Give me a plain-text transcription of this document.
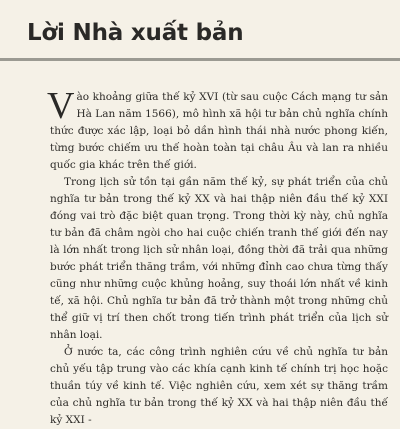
Lời Nhà xuất bản

Vào khoảng giữa thế kỷ XVI (từ sau cuộc Cách mạng tư sản Hà Lan năm 1566), mô hình xã hội tư bản chủ nghĩa chính thức được xác lập, loại bỏ dần hình thái nhà nước phong kiến, từng bước chiếm ưu thế hoàn toàn tại châu Âu và lan ra nhiều quốc gia khác trên thế giới.

Trong lịch sử tồn tại gần năm thế kỷ, sự phát triển của chủ nghĩa tư bản trong thế kỷ XX và hai thập niên đầu thế kỷ XXI đóng vai trò đặc biệt quan trọng. Trong thời kỳ này, chủ nghĩa tư bản đã châm ngòi cho hai cuộc chiến tranh thế giới đến nay là lớn nhất trong lịch sử nhân loại, đồng thời đã trải qua những bước phát triển thăng trầm, với những đỉnh cao chưa từng thấy cũng như những cuộc khủng hoảng, suy thoái lớn nhất về kinh tế, xã hội. Chủ nghĩa tư bản đã trở thành một trong những chủ thể giữ vị trí then chốt trong tiến trình phát triển của lịch sử nhân loại.

Ở nước ta, các công trình nghiên cứu về chủ nghĩa tư bản chủ yếu tập trung vào các khía cạnh kinh tế chính trị học hoặc thuần túy về kinh tế. Việc nghiên cứu, xem xét sự thăng trầm của chủ nghĩa tư bản trong thế kỷ XX và hai thập niên đầu thế kỷ XXI -
